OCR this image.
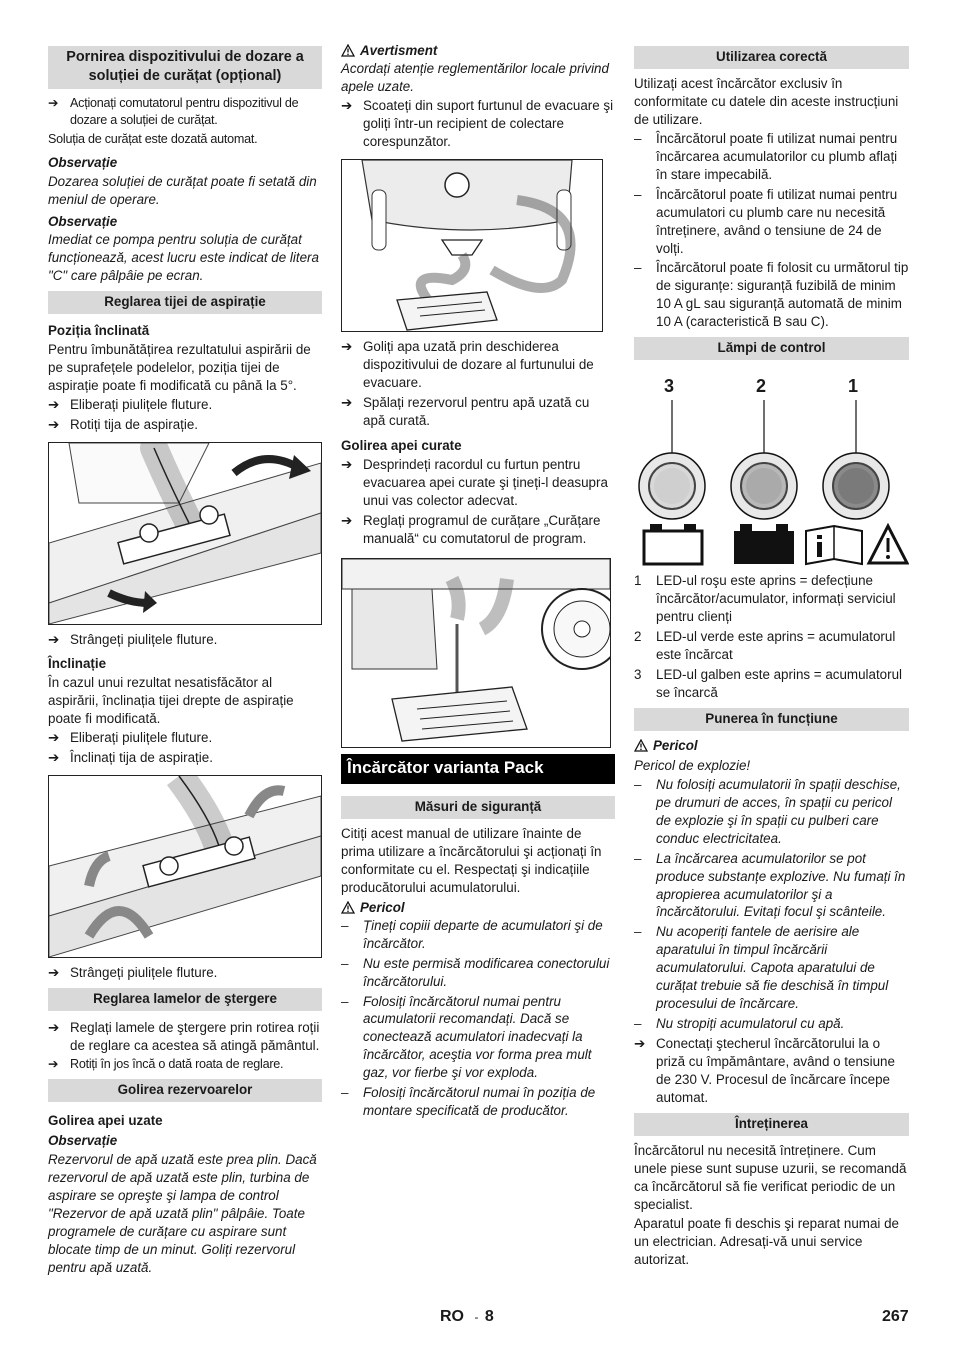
Pornirea dispozitivului de dozare a soluției de curățat (opțional)
➔ Acționați comutatorul pentru dispozitivul de dozare a soluției de curățat.

Soluția de curățat este dozată automat.

Observație

Dozarea soluției de curățat poate fi setată din meniul de operare.

Observație

Imediat ce pompa pentru soluția de curățat funcționează, acest lucru este indicat de litera "C" care pâlpâie pe ecran.

Reglarea tijei de aspirație

Poziția înclinată

Pentru îmbunătățirea rezultatului aspirării de pe suprafețele podelelor, poziția tijei de aspirație poate fi modificată cu până la 5°.

➔ Eliberați piulițele fluture.
➔ Rotiți tija de aspirație.
➔ Strângeți piulițele fluture.

Înclinație

În cazul unui rezultat nesatisfăcător al aspirării, înclinația tijei drepte de aspirație poate fi modificată.

➔ Eliberați piulițele fluture.
➔ Înclinați tija de aspirație.
➔ Strângeți piulițele fluture.
Reglarea lamelor de ştergere
➔ Reglați lamele de ştergere prin rotirea roții de reglare ca acestea să atingă pământul.
➔ Rotiți în jos încă o dată roata de reglare.
Golirea rezervoarelor

Golirea apei uzate

Observație

Rezervorul de apă uzată este prea plin. Dacă rezervorul de apă uzată este plin, turbina de aspirare se opreşte şi lampa de control "Rezervor de apă uzată plin" pâlpâie. Toate programele de curățare cu aspirare sunt blocate timp de un minut. Goliți rezervorul pentru apă uzată.

Avertisment

Acordați atenție reglementărilor locale privind apele uzate.

➔ Scoateți din suport furtunul de evacuare şi goliți într-un recipient de colectare corespunzător.
➔ Goliți apa uzată prin deschiderea dispozitivului de dozare al furtunului de evacuare.
➔ Spălați rezervorul pentru apă uzată cu apă curată.

Golirea apei curate

➔ Desprindeți racordul cu furtun pentru evacuarea apei curate şi țineți-l deasupra unui vas colector adecvat.
➔ Reglați programul de curățare „Curățare manuală“ cu comutatorul de program.
Încărcător varianta Pack
Măsuri de siguranță

Citiți acest manual de utilizare înainte de prima utilizare a încărcătorului şi acționați în conformitate cu el. Respectați şi indicațiile producătorului acumulatorului.

Pericol
–	Țineți copiii departe de acumulatori şi de încărcător.
–	Nu este permisă modificarea conectorului încărcătorului.
–	Folosiți încărcătorul numai pentru acumulatorii recomandați. Dacă se conectează acumulatori inadecvați la încărcător, aceştia vor forma prea mult gaz, vor fierbe şi vor exploda.
–	Folosiți încărcătorul numai în poziția de montare specificată de producător.
Utilizarea corectă

Utilizați acest încărcător exclusiv în conformitate cu datele din aceste instrucțiuni de utilizare.

–	Încărcătorul poate fi utilizat numai pentru încărcarea acumulatorilor cu plumb aflați în stare impecabilă.
–	Încărcătorul poate fi utilizat numai pentru acumulatori cu plumb care nu necesită întreținere, având o tensiune de 24 de volți.
–	Încărcătorul poate fi folosit cu următorul tip de siguranțe: siguranță fuzibilă de minim 10 A gL sau siguranță automată de minim 10 A (caracteristică B sau C).
Lămpi de control
3	2	1
1	LED-ul roşu este aprins = defecțiune încărcător/acumulator, informați serviciul pentru clienți
2	LED-ul verde este aprins = acumulatorul este încărcat
3	LED-ul galben este aprins = acumulatorul se încarcă
Punerea în funcțiune
Pericol

Pericol de explozie!

–	Nu folosiți acumulatorii în spații deschise, pe drumuri de acces, în spații cu pericol de explozie şi în spații cu pulberi care conduc electricitatea.
–	La încărcarea acumulatorilor se pot produce substanțe explozive. Nu fumați în apropierea acumulatorilor şi a încărcătorului. Evitați focul şi scânteile.
–	Nu acoperiți fantele de aerisire ale aparatului în timpul încărcării acumulatorului. Capota aparatului de curățat trebuie să fie deschisă în timpul procesului de încărcare.
–	Nu stropiți acumulatorul cu apă.
➔ Conectați ştecherul încărcătorului la o priză cu împământare, având o tensiune de 230 V. Procesul de încărcare începe automat.
Întreținerea

Încărcătorul nu necesită întreținere. Cum unele piese sunt supuse uzurii, se recomandă ca încărcătorul să fie verificat periodic de un specialist.

Aparatul poate fi deschis şi reparat numai de un electrician. Adresați-vă unui service autorizat.

RO - 8	267
